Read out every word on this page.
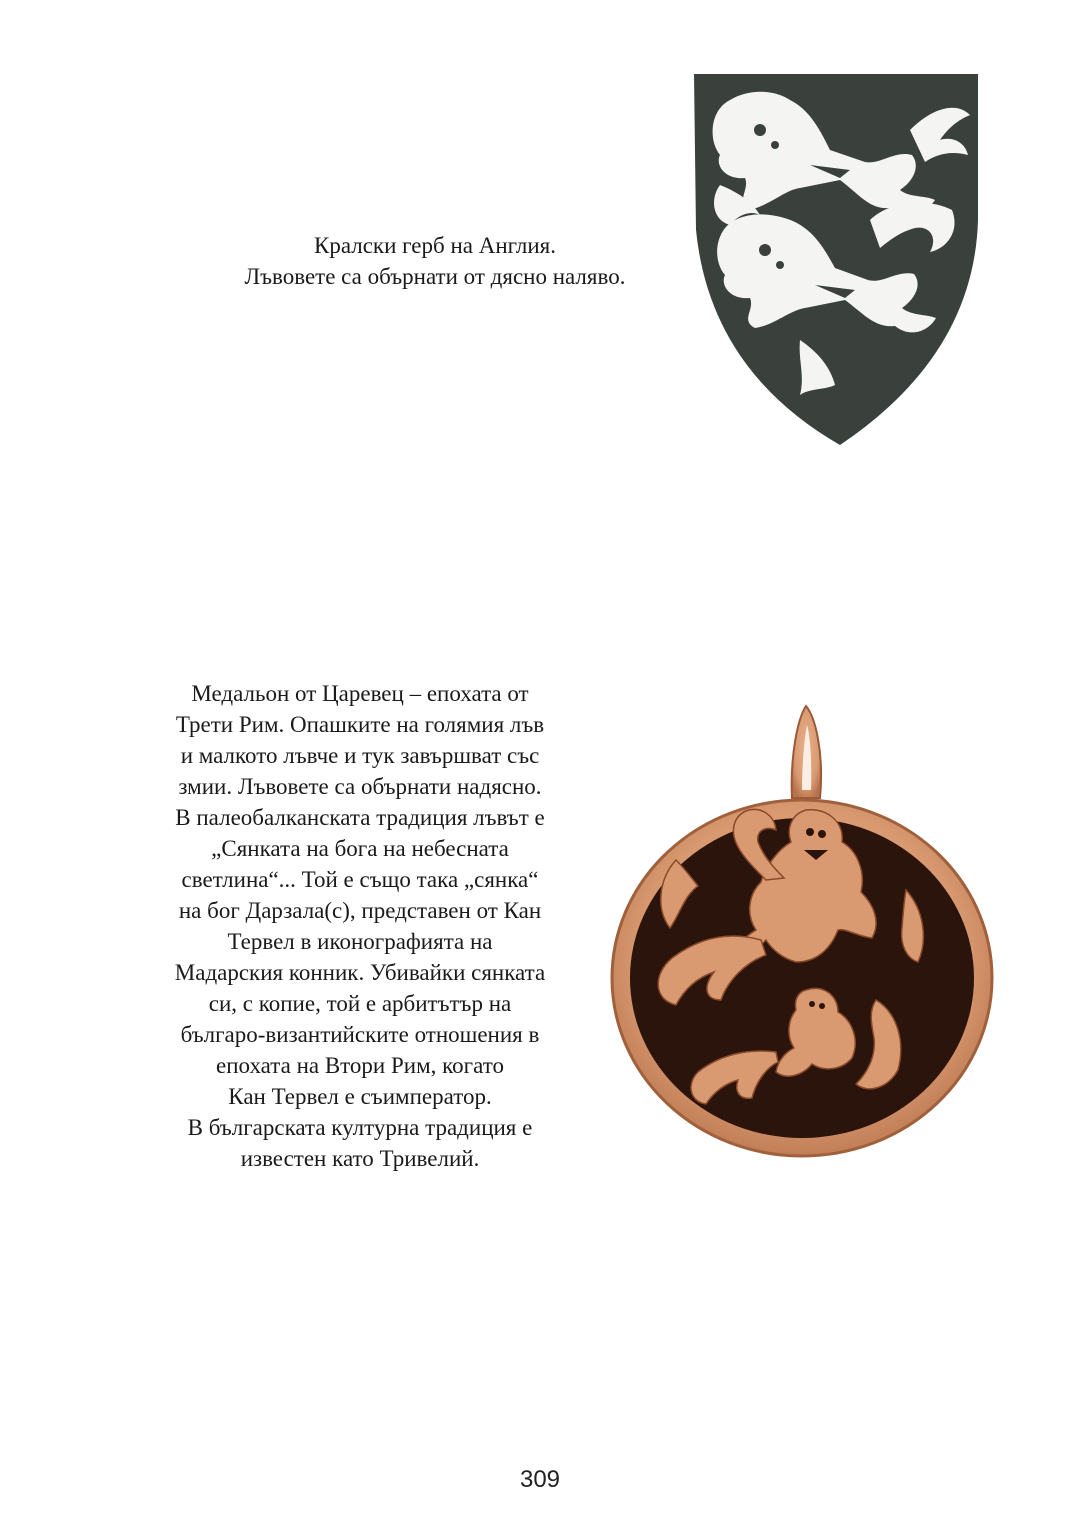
Кралски герб на Англия.
Лъвовете са обърнати от дясно наляво.

Медальон от Царевец – епохата от
Трети Рим. Опашките на голямия лъв
и малкото лъвче и тук завършват със
змии. Лъвовете са обърнати надясно.
В палеобалканската традиция лъвът е
„Сянката на бога на небесната
светлина“... Той е също така „сянка“
на бог Дарзала(с), представен от Кан
Тервел в иконографията на
Мадарския конник. Убивайки сянката
си, с копие, той е арбитътър на
българо-византийските отношения в
епохата на Втори Рим, когато
Кан Тервел е съимператор.
В българската културна традиция е
известен като Тривелий.

309
